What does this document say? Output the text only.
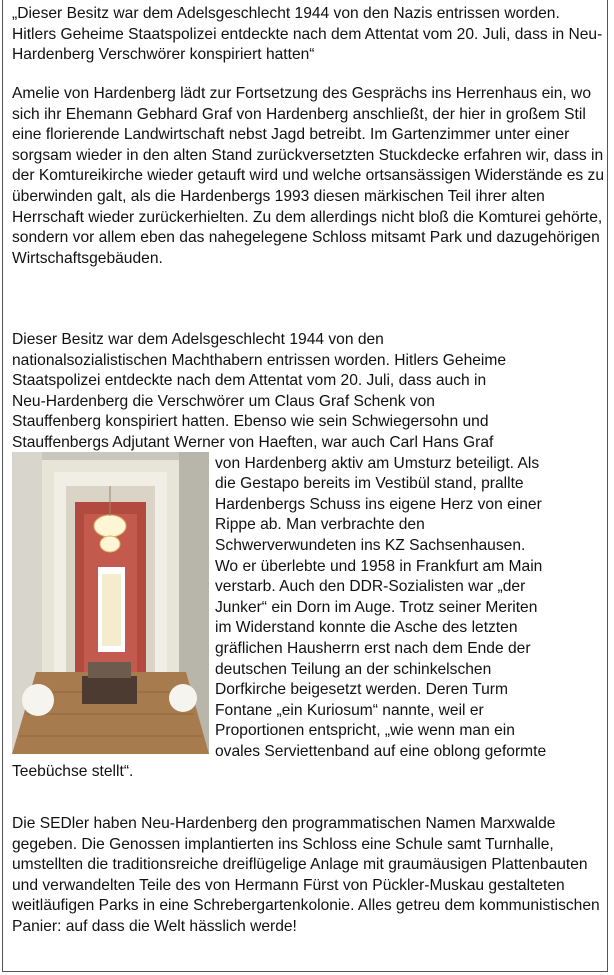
„Dieser Besitz war dem Adelsgeschlecht 1944 von den Nazis entrissen worden. Hitlers Geheime Staatspolizei entdeckte nach dem Attentat vom 20. Juli, dass in Neu-Hardenberg Verschwörer konspiriert hatten“

Amelie von Hardenberg lädt zur Fortsetzung des Gesprächs ins Herrenhaus ein, wo sich ihr Ehemann Gebhard Graf von Hardenberg anschließt, der hier in großem Stil eine florierende Landwirtschaft nebst Jagd betreibt. Im Gartenzimmer unter einer sorgsam wieder in den alten Stand zurückversetzten Stuckdecke erfahren wir, dass in der Komtureikirche wieder getauft wird und welche ortsansässigen Widerstände es zu überwinden galt, als die Hardenbergs 1993 diesen märkischen Teil ihrer alten Herrschaft wieder zurückerhielten. Zu dem allerdings nicht bloß die Komturei gehörte, sondern vor allem eben das nahegelegene Schloss mitsamt Park und dazugehörigen Wirtschaftsgebäuden.

Dieser Besitz war dem Adelsgeschlecht 1944 von den
nationalsozialistischen Machthabern entrissen worden. Hitlers Geheime
Staatspolizei entdeckte nach dem Attentat vom 20. Juli, dass auch in
Neu-Hardenberg die Verschwörer um Claus Graf Schenk von
Stauffenberg konspiriert hatten. Ebenso wie sein Schwiegersohn und
Stauffenbergs Adjutant Werner von Haeften, war auch Carl Hans Graf
von Hardenberg aktiv am Umsturz beteiligt. Als
die Gestapo bereits im Vestibül stand, prallte
Hardenbergs Schuss ins eigene Herz von einer
Rippe ab. Man verbrachte den
Schwerverwundeten ins KZ Sachsenhausen.
Wo er überlebte und 1958 in Frankfurt am Main
verstarb. Auch den DDR-Sozialisten war „der
Junker“ ein Dorn im Auge. Trotz seiner Meriten
im Widerstand konnte die Asche des letzten
gräflichen Hausherrn erst nach dem Ende der
deutschen Teilung an der schinkelschen
Dorfkirche beigesetzt werden. Deren Turm
Fontane „ein Kuriosum“ nannte, weil er
Proportionen entspricht, „wie wenn man ein
ovales Serviettenband auf eine oblong geformte
Teebüchse stellt“.

Die SEDler haben Neu-Hardenberg den programmatischen Namen Marxwalde gegeben. Die Genossen implantierten ins Schloss eine Schule samt Turnhalle, umstellten die traditionsreiche dreiflügelige Anlage mit graumäusigen Plattenbauten und verwandelten Teile des von Hermann Fürst von Pückler-Muskau gestalteten weitläufigen Parks in eine Schrebergartenkolonie. Alles getreu dem kommunistischen Panier: auf dass die Welt hässlich werde!
